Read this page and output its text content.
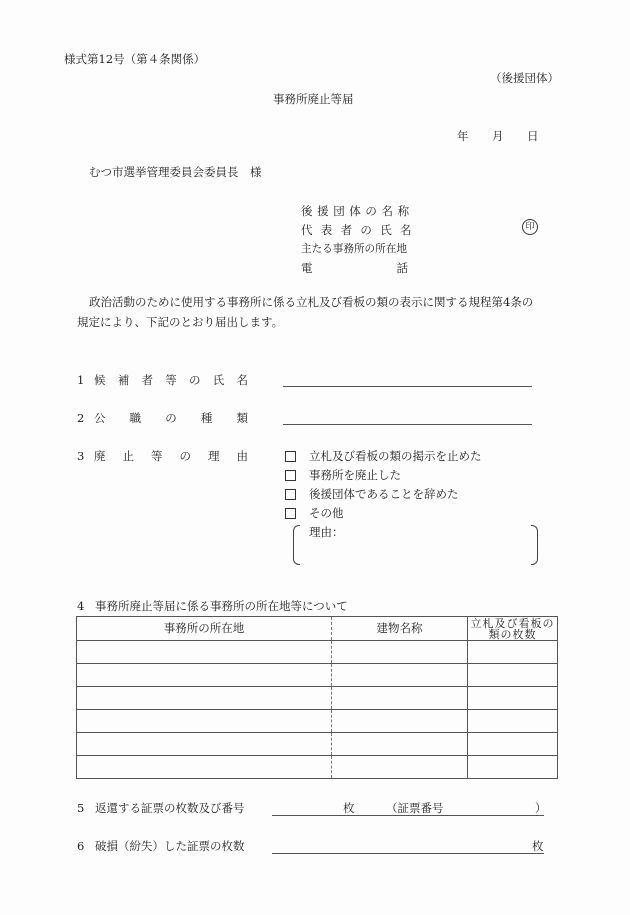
様式第12号（第４条関係）
（後援団体）
事務所廃止等届
年 月 日
むつ市選挙管理委員会委員長　様
後援団体の名称
代表者の氏名	印
主たる事務所の所在地
電	話
政治活動のために使用する事務所に係る立札及び看板の類の表示に関する規程第4条の
規定により、下記のとおり届出します。
1 候 補 者 等 の 氏 名
2 公 職 の 種 類
3 廃 止 等 の 理 由	立札及び看板の類の掲示を止めた
事務所を廃止した
後援団体であることを辞めた
その他
理由：
4 事務所廃止等届に係る事務所の所在地等について
事務所の所在地	建物名称	立札及び看板の類の枚数

5 返還する証票の枚数及び番号	枚	（証票番号	）
6 破損（紛失）した証票の枚数	枚
